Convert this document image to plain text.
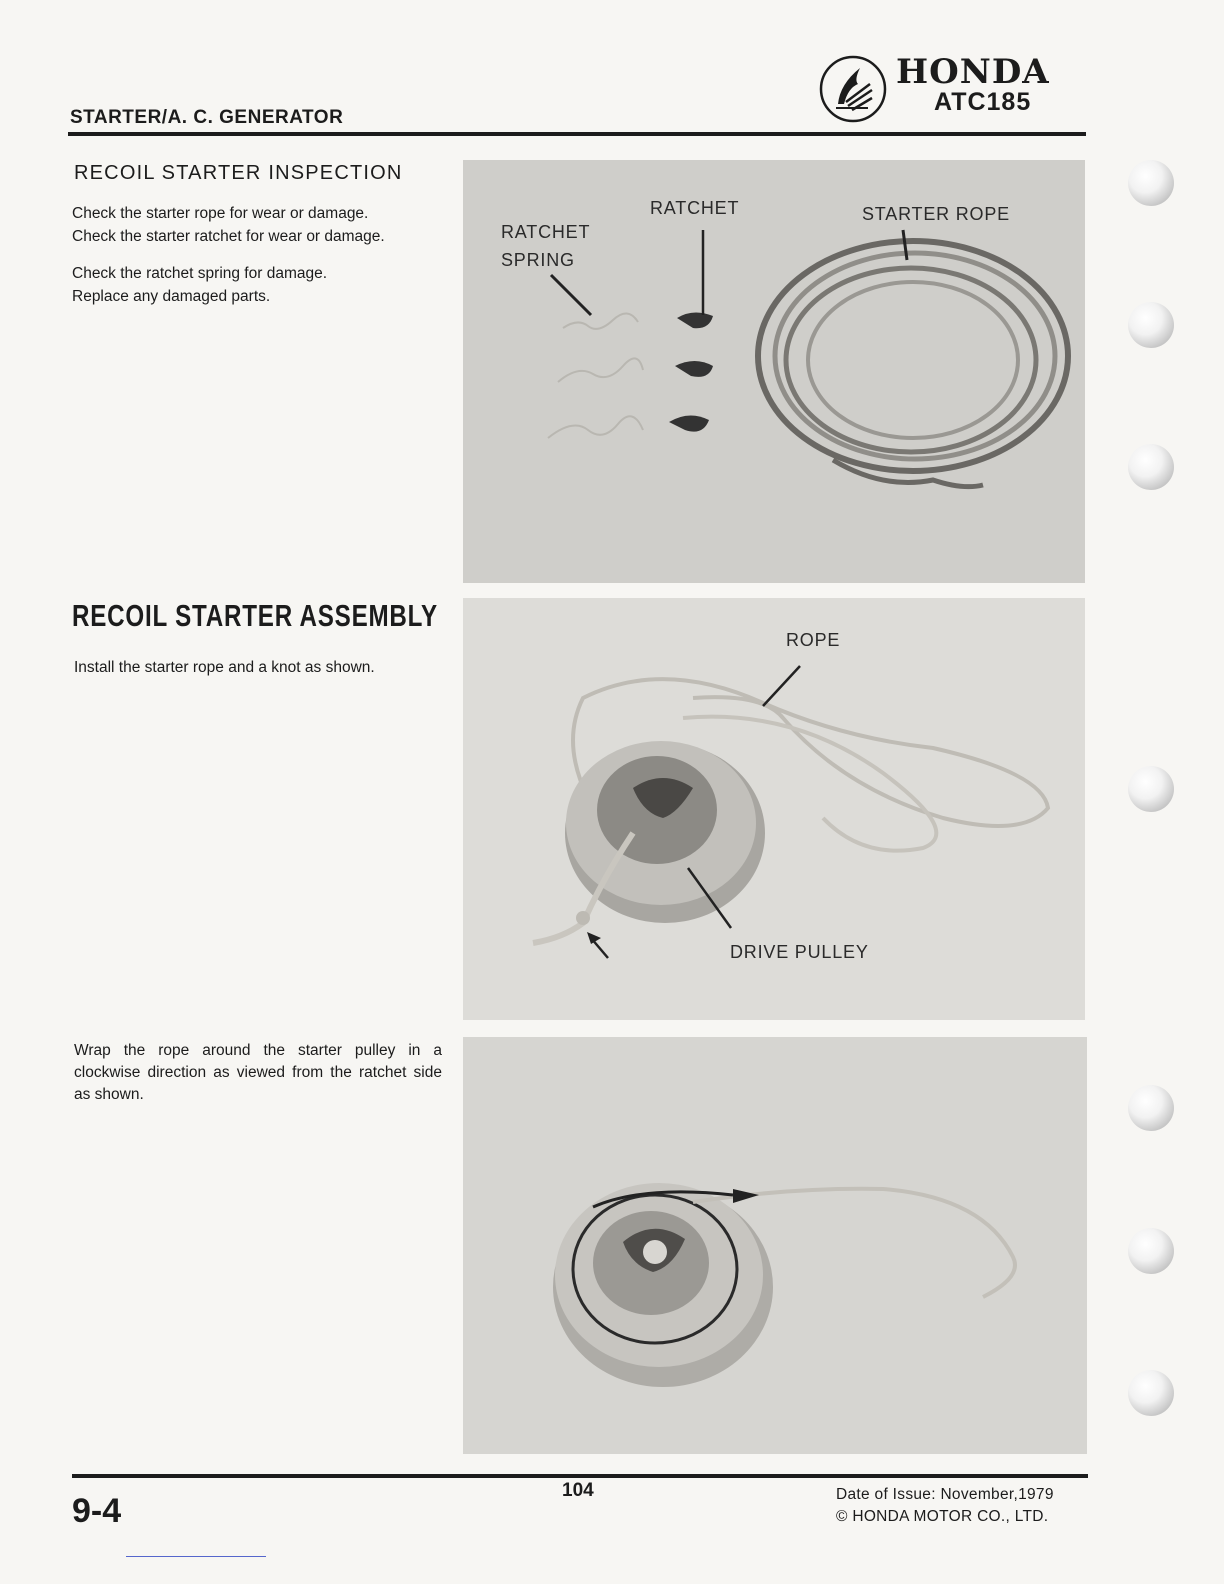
STARTER/A. C. GENERATOR
HONDA
ATC185
RECOIL STARTER INSPECTION
Check the starter rope for wear or damage.
Check the starter ratchet for wear or damage.
Check the ratchet spring for damage.
Replace any damaged parts.
RECOIL STARTER ASSEMBLY
Install the starter rope and a knot as shown.
Wrap the rope around the starter pulley in a clockwise direction as viewed from the ratchet side as shown.
RATCHET	STARTER ROPE
RATCHET
SPRING
ROPE
DRIVE PULLEY
9-4
104	Date of Issue: November,1979
© HONDA MOTOR CO., LTD.
